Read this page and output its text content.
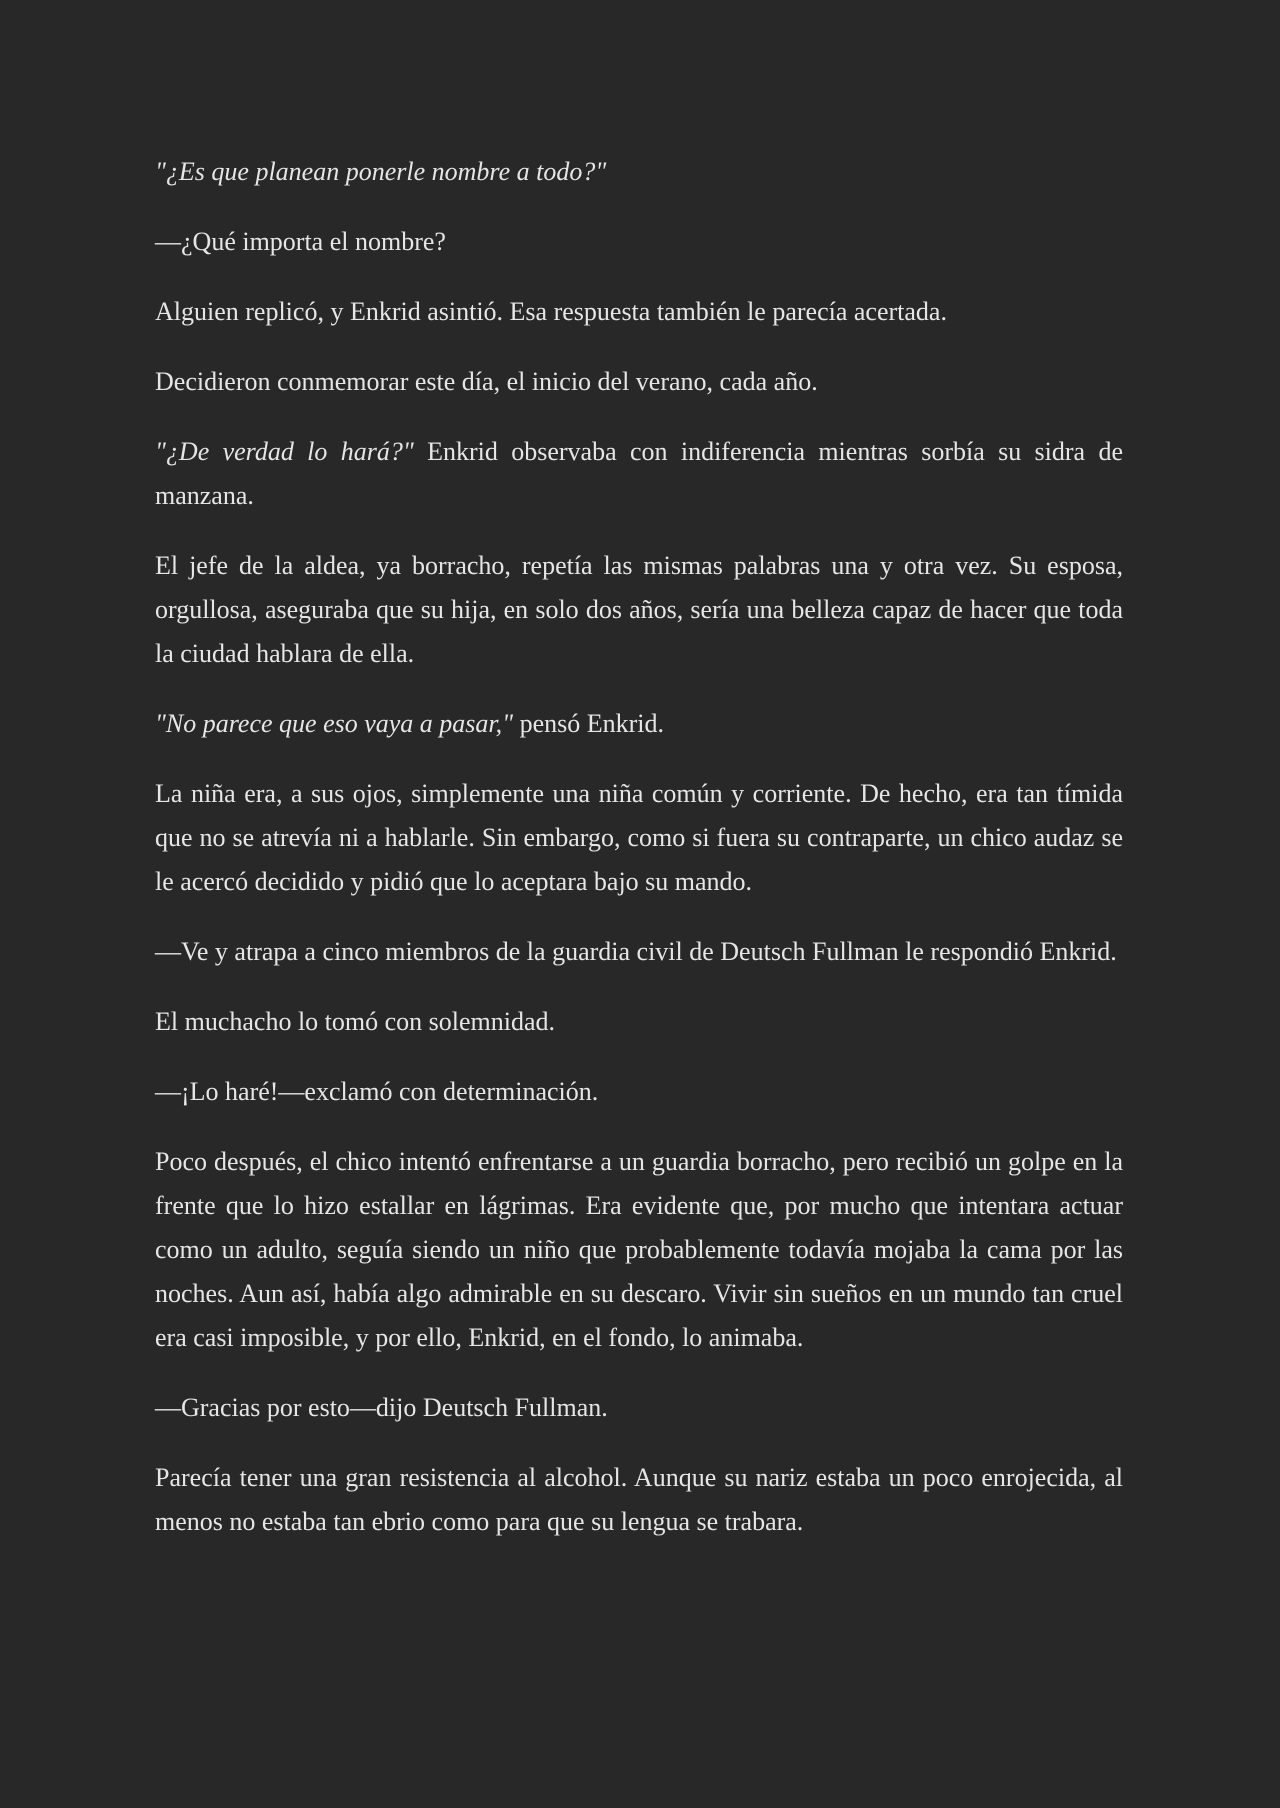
"¿Es que planean ponerle nombre a todo?"

—¿Qué importa el nombre?

Alguien replicó, y Enkrid asintió. Esa respuesta también le parecía acertada.

Decidieron conmemorar este día, el inicio del verano, cada año.

"¿De verdad lo hará?" Enkrid observaba con indiferencia mientras sorbía su sidra de manzana.

El jefe de la aldea, ya borracho, repetía las mismas palabras una y otra vez. Su esposa, orgullosa, aseguraba que su hija, en solo dos años, sería una belleza capaz de hacer que toda la ciudad hablara de ella.

"No parece que eso vaya a pasar," pensó Enkrid.

La niña era, a sus ojos, simplemente una niña común y corriente. De hecho, era tan tímida que no se atrevía ni a hablarle. Sin embargo, como si fuera su contraparte, un chico audaz se le acercó decidido y pidió que lo aceptara bajo su mando.

—Ve y atrapa a cinco miembros de la guardia civil de Deutsch Fullman le respondió Enkrid.

El muchacho lo tomó con solemnidad.

—¡Lo haré!—exclamó con determinación.

Poco después, el chico intentó enfrentarse a un guardia borracho, pero recibió un golpe en la frente que lo hizo estallar en lágrimas. Era evidente que, por mucho que intentara actuar como un adulto, seguía siendo un niño que probablemente todavía mojaba la cama por las noches. Aun así, había algo admirable en su descaro. Vivir sin sueños en un mundo tan cruel era casi imposible, y por ello, Enkrid, en el fondo, lo animaba.

—Gracias por esto—dijo Deutsch Fullman.

Parecía tener una gran resistencia al alcohol. Aunque su nariz estaba un poco enrojecida, al menos no estaba tan ebrio como para que su lengua se trabara.
